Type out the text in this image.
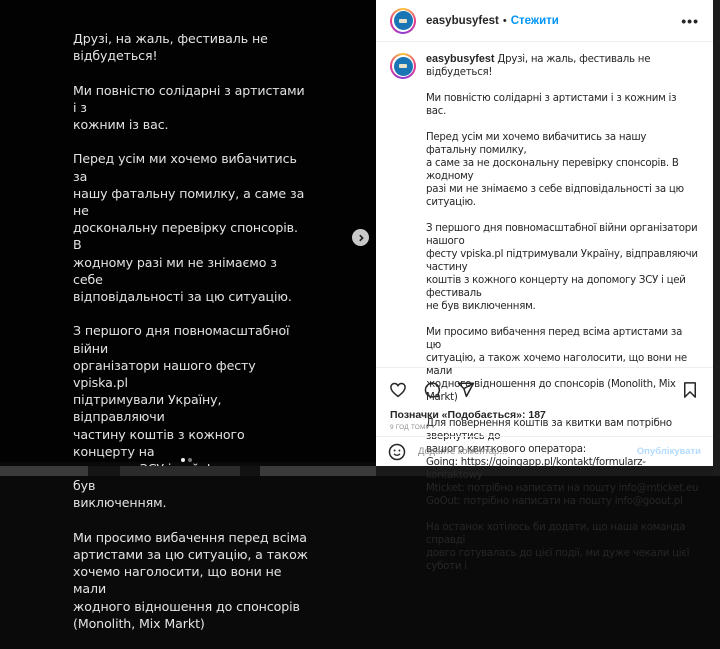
Друзі, на жаль, фестиваль не
відбудеться!

Ми повністю солідарні з артистами і з
кожним із вас.

Перед усім ми хочемо вибачитись за
нашу фатальну помилку, а саме за не
доскональну перевірку спонсорів. В
жодному разі ми не знімаємо з себе
відповідальності за цю ситуацію.

З першого дня повномасштабної війни
організатори нашого фесту vpiska.pl
підтримували Україну, відправляючи
частину коштів з кожного концерту на
був
виключенням.

Ми просимо вибачення перед всіма
артистами за цю ситуацію, а також
хочемо наголосити, що вони не мали
жодного відношення до спонсорів
(Monolith, Mix Markt)

easybusyfest • Стежити	•••

easybusyfest Друзі, на жаль, фестиваль не відбудеться!

Ми повністю солідарні з артистами і з кожним із вас.

Перед усім ми хочемо вибачитись за нашу фатальну помилку,
а саме за не доскональну перевірку спонсорів. В жодному
разі ми не знімаємо з себе відповідальності за цю ситуацію.

З першого дня повномасштабної війни організатори нашого
фесту vpiska.pl підтримували Україну, відправляючи частину
коштів з кожного концерту на допомогу ЗСУ і цей фестиваль
не був виключенням.

Ми просимо вибачення перед всіма артистами за цю
ситуацію, а також хочемо наголосити, що вони не мали
жодного відношення до спонсорів (Monolith, Mix Markt)

Для повернення коштів за квитки вам потрібно звернутись до
вашого квиткового оператора:
Going: https://goingapp.pl/kontakt/formularz-kontaktowy
Mticket: потрібно написати на пошту info@mticket.eu
GoOut: потрібно написати на пошту info@goout.pl

На останок хотілось би додати, що наша команда справді
довго готувалась до цієї події, ми дуже чекали цієї суботи і

Позначки «Подобається»: 187
9 ГОД ТОМУ
Додайте коментар...
Опублікувати
